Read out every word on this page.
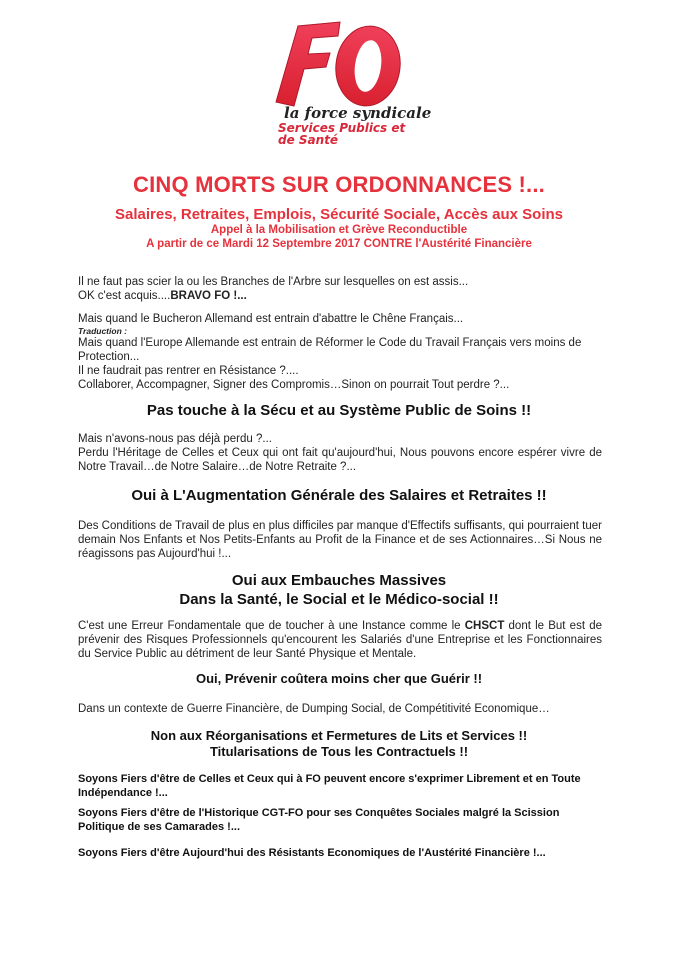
la force syndicale
Services Publics et
de Santé
CINQ MORTS SUR ORDONNANCES !...
Salaires, Retraites, Emplois, Sécurité Sociale, Accès aux Soins

Appel à la Mobilisation et Grève Reconductible

A partir de ce Mardi 12 Septembre 2017 CONTRE l'Austérité Financière

Il ne faut pas scier la ou les Branches de l'Arbre sur lesquelles on est assis...

OK c'est acquis....BRAVO FO !...

Mais quand le Bucheron Allemand est entrain d'abattre le Chêne Français...

Traduction :

Mais quand l'Europe Allemande est entrain de Réformer le Code du Travail Français vers moins de Protection...

Il ne faudrait pas rentrer en Résistance ?....

Collaborer, Accompagner, Signer des Compromis…Sinon on pourrait Tout perdre ?...

Pas touche à la Sécu et au Système Public de Soins !!

Mais n'avons-nous pas déjà perdu ?...

Perdu l'Héritage de Celles et Ceux qui ont fait qu'aujourd'hui, Nous pouvons encore espérer vivre de Notre Travail…de Notre Salaire…de Notre Retraite ?...

Oui à L'Augmentation Générale des Salaires et Retraites !!

Des Conditions de Travail de plus en plus difficiles par manque d'Effectifs suffisants, qui pourraient tuer demain Nos Enfants et Nos Petits-Enfants au Profit de la Finance et de ses Actionnaires…Si Nous ne réagissons pas Aujourd'hui !...

Oui aux Embauches Massives
Dans la Santé, le Social et le Médico-social !!

C'est une Erreur Fondamentale que de toucher à une Instance comme le CHSCT dont le But est de prévenir des Risques Professionnels qu'encourent les Salariés d'une Entreprise et les Fonctionnaires du Service Public au détriment de leur Santé Physique et Mentale.

Oui, Prévenir coûtera moins cher que Guérir !!

Dans un contexte de Guerre Financière, de Dumping Social, de Compétitivité Economique…

Non aux Réorganisations et Fermetures de Lits et Services !!
Titularisations de Tous les Contractuels !!

Soyons Fiers d'être de Celles et Ceux qui à FO peuvent encore s'exprimer Librement et en Toute Indépendance !...

Soyons Fiers d'être de l'Historique CGT-FO pour ses Conquêtes Sociales malgré la Scission Politique de ses Camarades !...

Soyons Fiers d'être Aujourd'hui des Résistants Economiques de l'Austérité Financière !...
